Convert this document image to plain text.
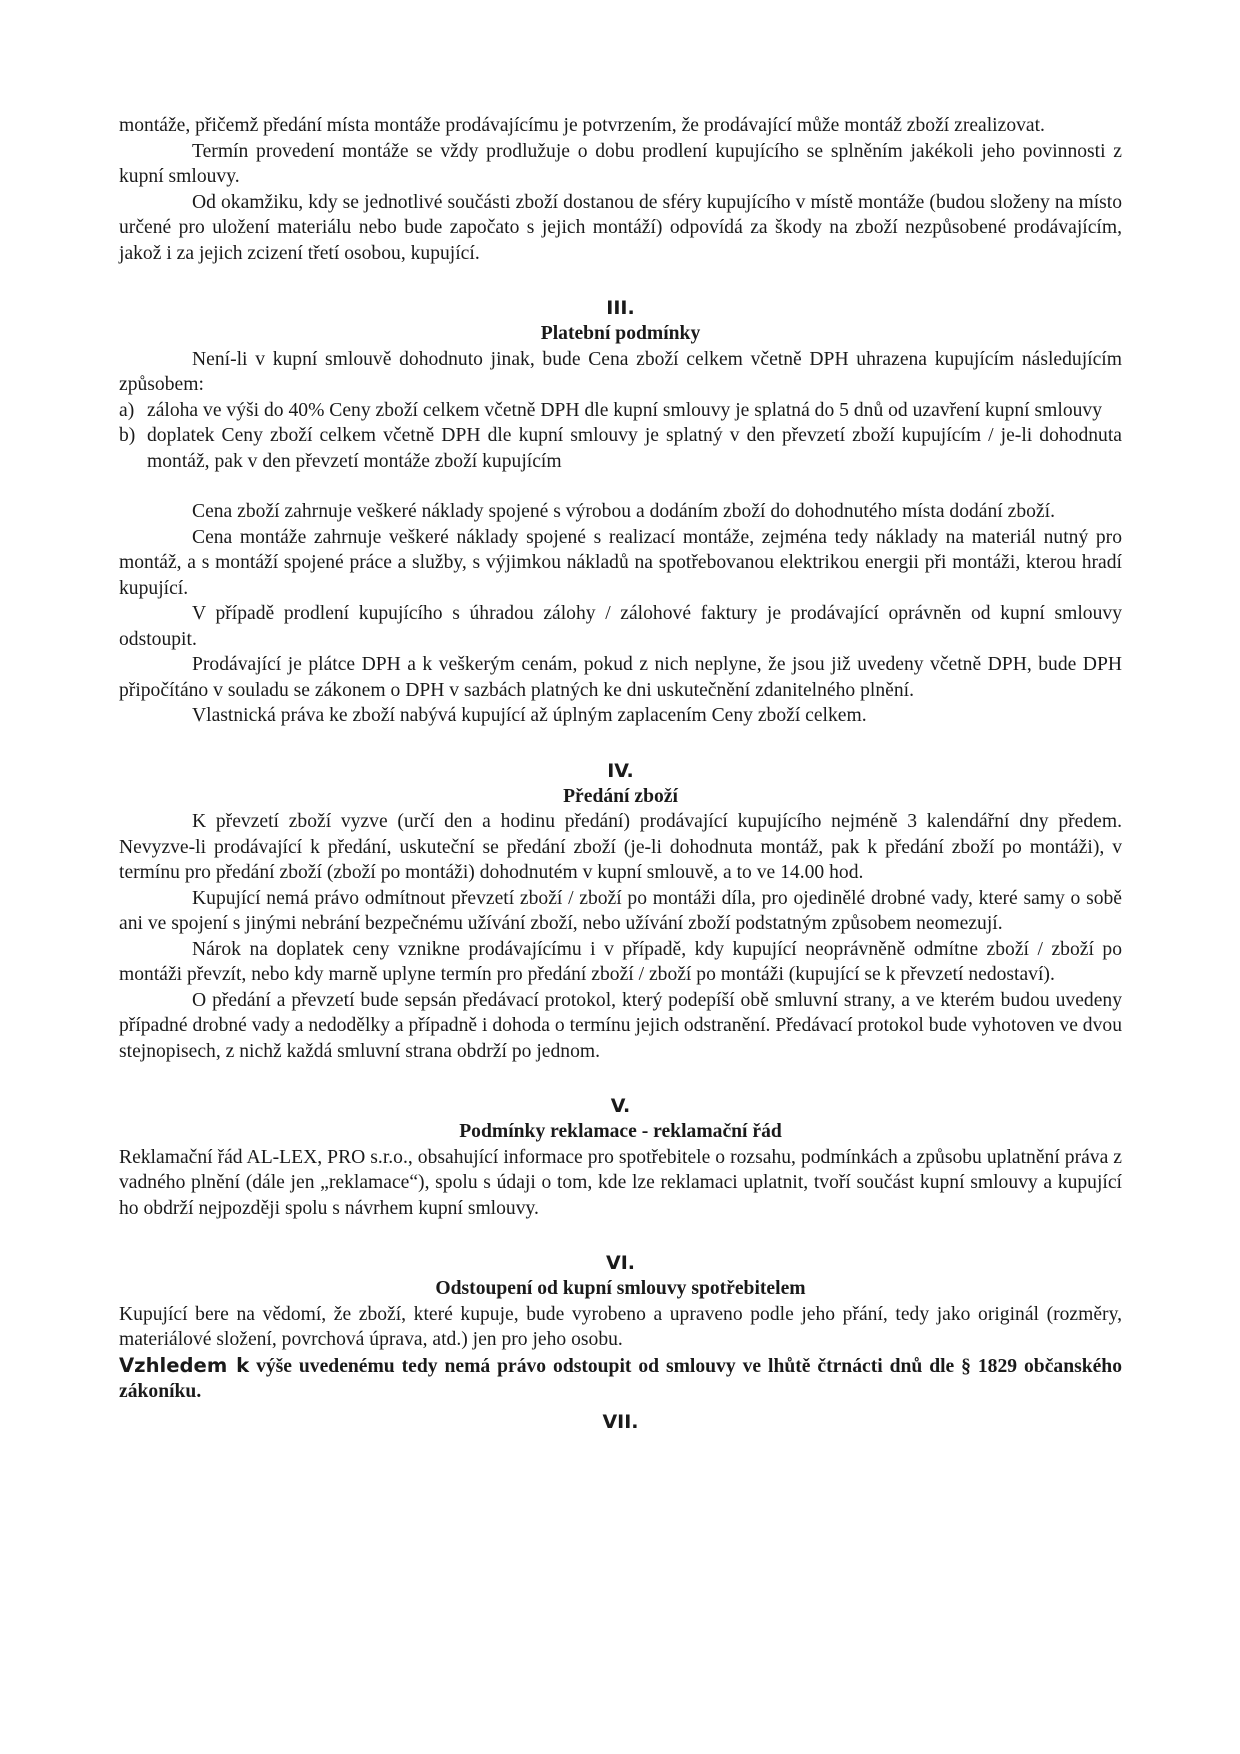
montáže, přičemž předání místa montáže prodávajícímu je potvrzením, že prodávající může montáž zboží zrealizovat.

Termín provedení montáže se vždy prodlužuje o dobu prodlení kupujícího se splněním jakékoli jeho povinnosti z kupní smlouvy.

Od okamžiku, kdy se jednotlivé součásti zboží dostanou de sféry kupujícího v místě montáže (budou složeny na místo určené pro uložení materiálu nebo bude započato s jejich montáží) odpovídá za škody na zboží nezpůsobené prodávajícím, jakož i za jejich zcizení třetí osobou, kupující.

III.
Platební podmínky

Není-li v kupní smlouvě dohodnuto jinak, bude Cena zboží celkem včetně DPH uhrazena kupujícím následujícím způsobem:

a) záloha ve výši do 40% Ceny zboží celkem včetně DPH dle kupní smlouvy je splatná do 5 dnů od uzavření kupní smlouvy
b) doplatek Ceny zboží celkem včetně DPH dle kupní smlouvy je splatný v den převzetí zboží kupujícím / je-li dohodnuta montáž, pak v den převzetí montáže zboží kupujícím

Cena zboží zahrnuje veškeré náklady spojené s výrobou a dodáním zboží do dohodnutého místa dodání zboží.

Cena montáže zahrnuje veškeré náklady spojené s realizací montáže, zejména tedy náklady na materiál nutný pro montáž, a s montáží spojené práce a služby, s výjimkou nákladů na spotřebovanou elektrikou energii při montáži, kterou hradí kupující.

V případě prodlení kupujícího s úhradou zálohy / zálohové faktury je prodávající oprávněn od kupní smlouvy odstoupit.

Prodávající je plátce DPH a k veškerým cenám, pokud z nich neplyne, že jsou již uvedeny včetně DPH, bude DPH připočítáno v souladu se zákonem o DPH v sazbách platných ke dni uskutečnění zdanitelného plnění.

Vlastnická práva ke zboží nabývá kupující až úplným zaplacením Ceny zboží celkem.

IV.
Předání zboží

K převzetí zboží vyzve (určí den a hodinu předání) prodávající kupujícího nejméně 3 kalendářní dny předem. Nevyzve-li prodávající k předání, uskuteční se předání zboží (je-li dohodnuta montáž, pak k předání zboží po montáži), v termínu pro předání zboží (zboží po montáži) dohodnutém v kupní smlouvě, a to ve 14.00 hod.

Kupující nemá právo odmítnout převzetí zboží / zboží po montáži díla, pro ojedinělé drobné vady, které samy o sobě ani ve spojení s jinými nebrání bezpečnému užívání zboží, nebo užívání zboží podstatným způsobem neomezují.

Nárok na doplatek ceny vznikne prodávajícímu i v případě, kdy kupující neoprávněně odmítne zboží / zboží po montáži převzít, nebo kdy marně uplyne termín pro předání zboží / zboží po montáži (kupující se k převzetí nedostaví).

O předání a převzetí bude sepsán předávací protokol, který podepíší obě smluvní strany, a ve kterém budou uvedeny případné drobné vady a nedodělky a případně i dohoda o termínu jejich odstranění. Předávací protokol bude vyhotoven ve dvou stejnopisech, z nichž každá smluvní strana obdrží po jednom.

V.
Podmínky reklamace - reklamační řád

Reklamační řád AL-LEX, PRO s.r.o., obsahující informace pro spotřebitele o rozsahu, podmínkách a způsobu uplatnění práva z vadného plnění (dále jen „reklamace“), spolu s údaji o tom, kde lze reklamaci uplatnit, tvoří součást kupní smlouvy a kupující ho obdrží nejpozději spolu s návrhem kupní smlouvy.

VI.
Odstoupení od kupní smlouvy spotřebitelem

Kupující bere na vědomí, že zboží, které kupuje, bude vyrobeno a upraveno podle jeho přání, tedy jako originál (rozměry, materiálové složení, povrchová úprava, atd.) jen pro jeho osobu.

Vzhledem k výše uvedenému tedy nemá právo odstoupit od smlouvy ve lhůtě čtrnácti dnů dle § 1829 občanského zákoníku.

VII.
